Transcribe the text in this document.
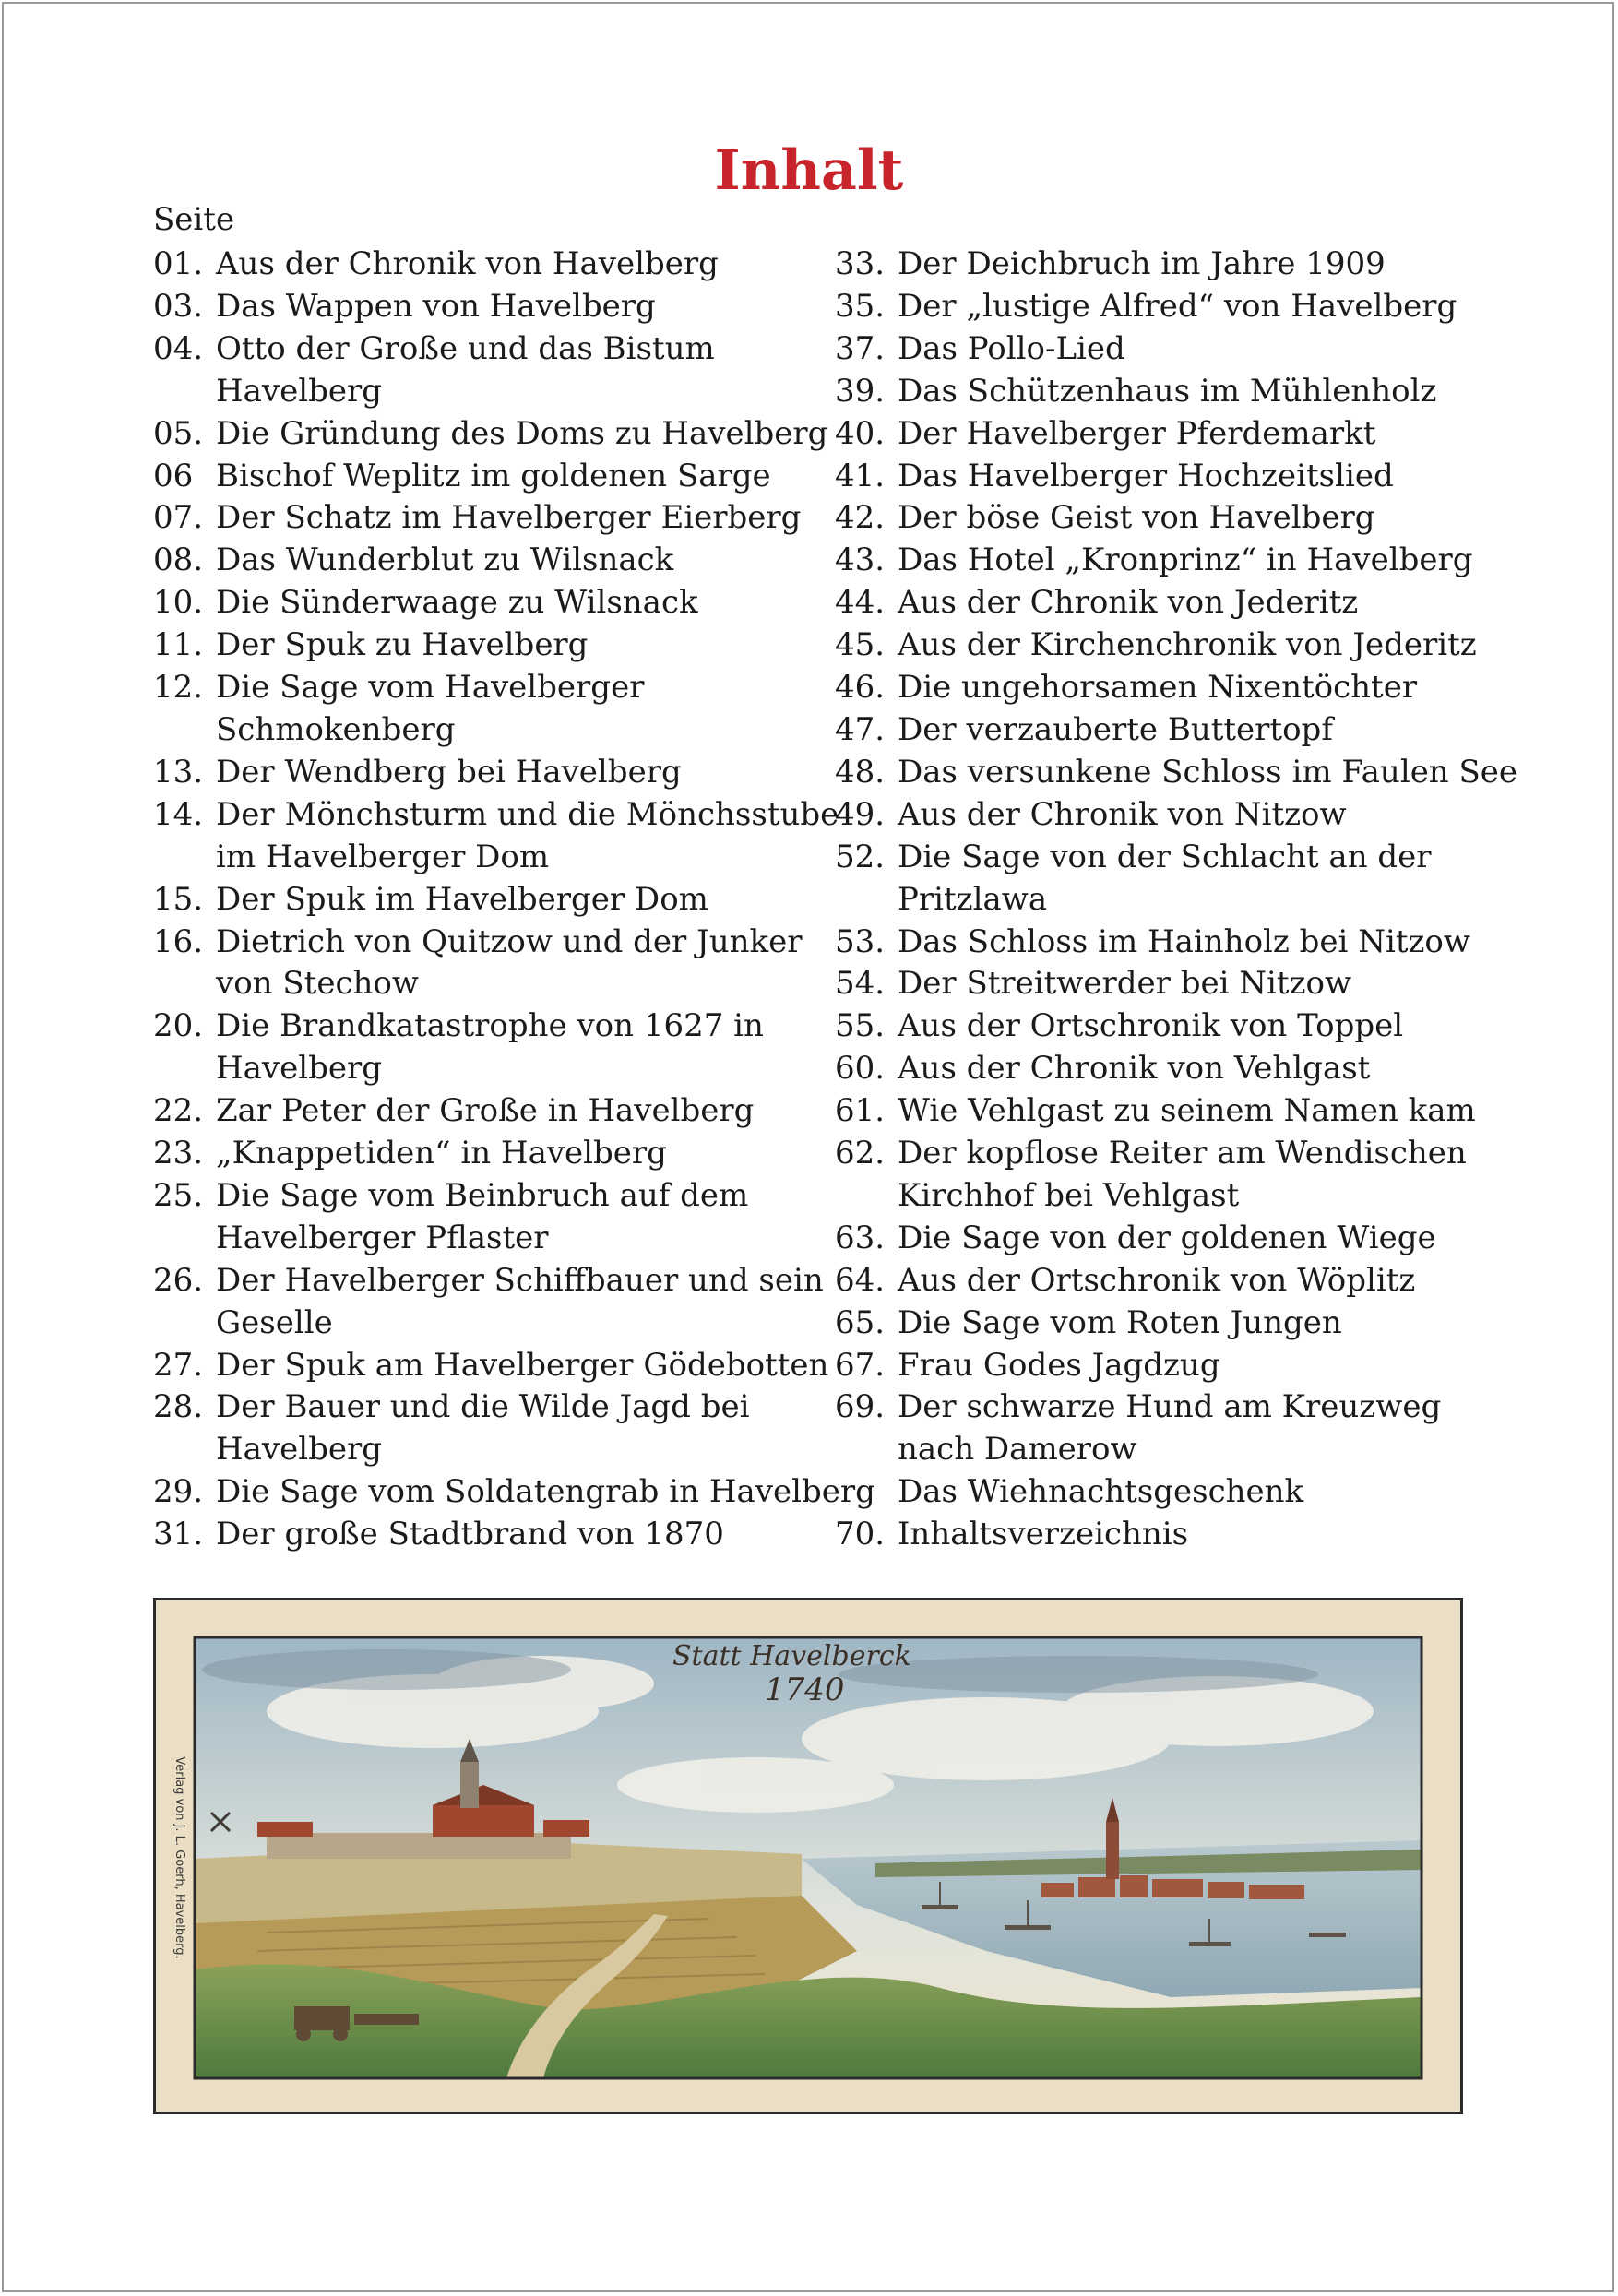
Inhalt
Seite
01. Aus der Chronik von Havelberg
03. Das Wappen von Havelberg
04. Otto der Große und das Bistum
Havelberg
05. Die Gründung des Doms zu Havelberg
06 Bischof Weplitz im goldenen Sarge
07. Der Schatz im Havelberger Eierberg
08. Das Wunderblut zu Wilsnack
10. Die Sünderwaage zu Wilsnack
11. Der Spuk zu Havelberg
12. Die Sage vom Havelberger
Schmokenberg
13. Der Wendberg bei Havelberg
14. Der Mönchsturm und die Mönchsstube
im Havelberger Dom
15. Der Spuk im Havelberger Dom
16. Dietrich von Quitzow und der Junker
von Stechow
20. Die Brandkatastrophe von 1627 in
Havelberg
22. Zar Peter der Große in Havelberg
23. „Knappetiden“ in Havelberg
25. Die Sage vom Beinbruch auf dem
Havelberger Pflaster
26. Der Havelberger Schiffbauer und sein
Geselle
27. Der Spuk am Havelberger Gödebotten
28. Der Bauer und die Wilde Jagd bei
Havelberg
29. Die Sage vom Soldatengrab in Havelberg
31. Der große Stadtbrand von 1870
33. Der Deichbruch im Jahre 1909
35. Der „lustige Alfred“ von Havelberg
37. Das Pollo-Lied
39. Das Schützenhaus im Mühlenholz
40. Der Havelberger Pferdemarkt
41. Das Havelberger Hochzeitslied
42. Der böse Geist von Havelberg
43. Das Hotel „Kronprinz“ in Havelberg
44. Aus der Chronik von Jederitz
45. Aus der Kirchenchronik von Jederitz
46. Die ungehorsamen Nixentöchter
47. Der verzauberte Buttertopf
48. Das versunkene Schloss im Faulen See
49. Aus der Chronik von Nitzow
52. Die Sage von der Schlacht an der
Pritzlawa
53. Das Schloss im Hainholz bei Nitzow
54. Der Streitwerder bei Nitzow
55. Aus der Ortschronik von Toppel
60. Aus der Chronik von Vehlgast
61. Wie Vehlgast zu seinem Namen kam
62. Der kopflose Reiter am Wendischen
Kirchhof bei Vehlgast
63. Die Sage von der goldenen Wiege
64. Aus der Ortschronik von Wöplitz
65. Die Sage vom Roten Jungen
67. Frau Godes Jagdzug
69. Der schwarze Hund am Kreuzweg
nach Damerow
Das Wiehnachtsgeschenk
70. Inhaltsverzeichnis
Statt Havelberck
1740
Verlag von J. L. Goerh, Havelberg.
